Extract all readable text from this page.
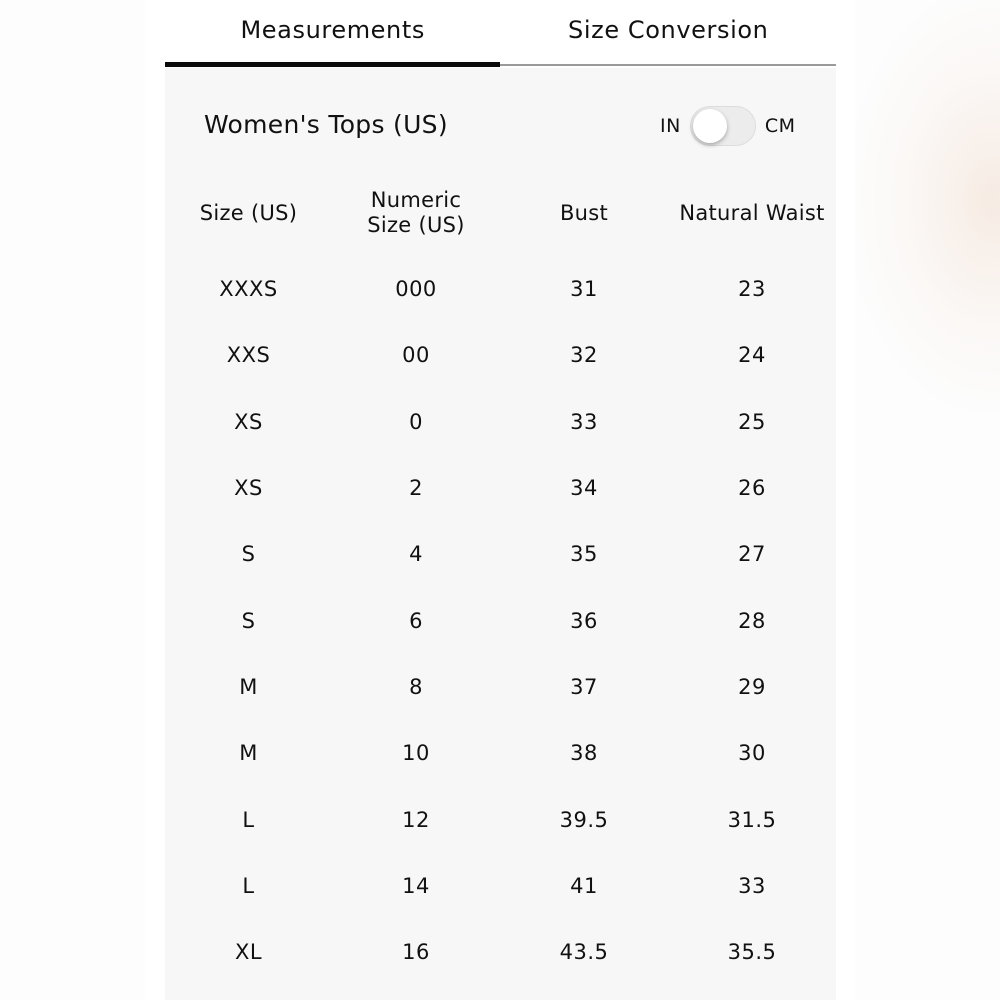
Measurements	Size Conversion
Women's Tops (US)	IN	CM
Size (US)	Numeric Size (US)	Bust	Natural Waist
XXXS	000	31	23
XXS	00	32	24
XS	0	33	25
XS	2	34	26
S	4	35	27
S	6	36	28
M	8	37	29
M	10	38	30
L	12	39.5	31.5
L	14	41	33
XL	16	43.5	35.5
